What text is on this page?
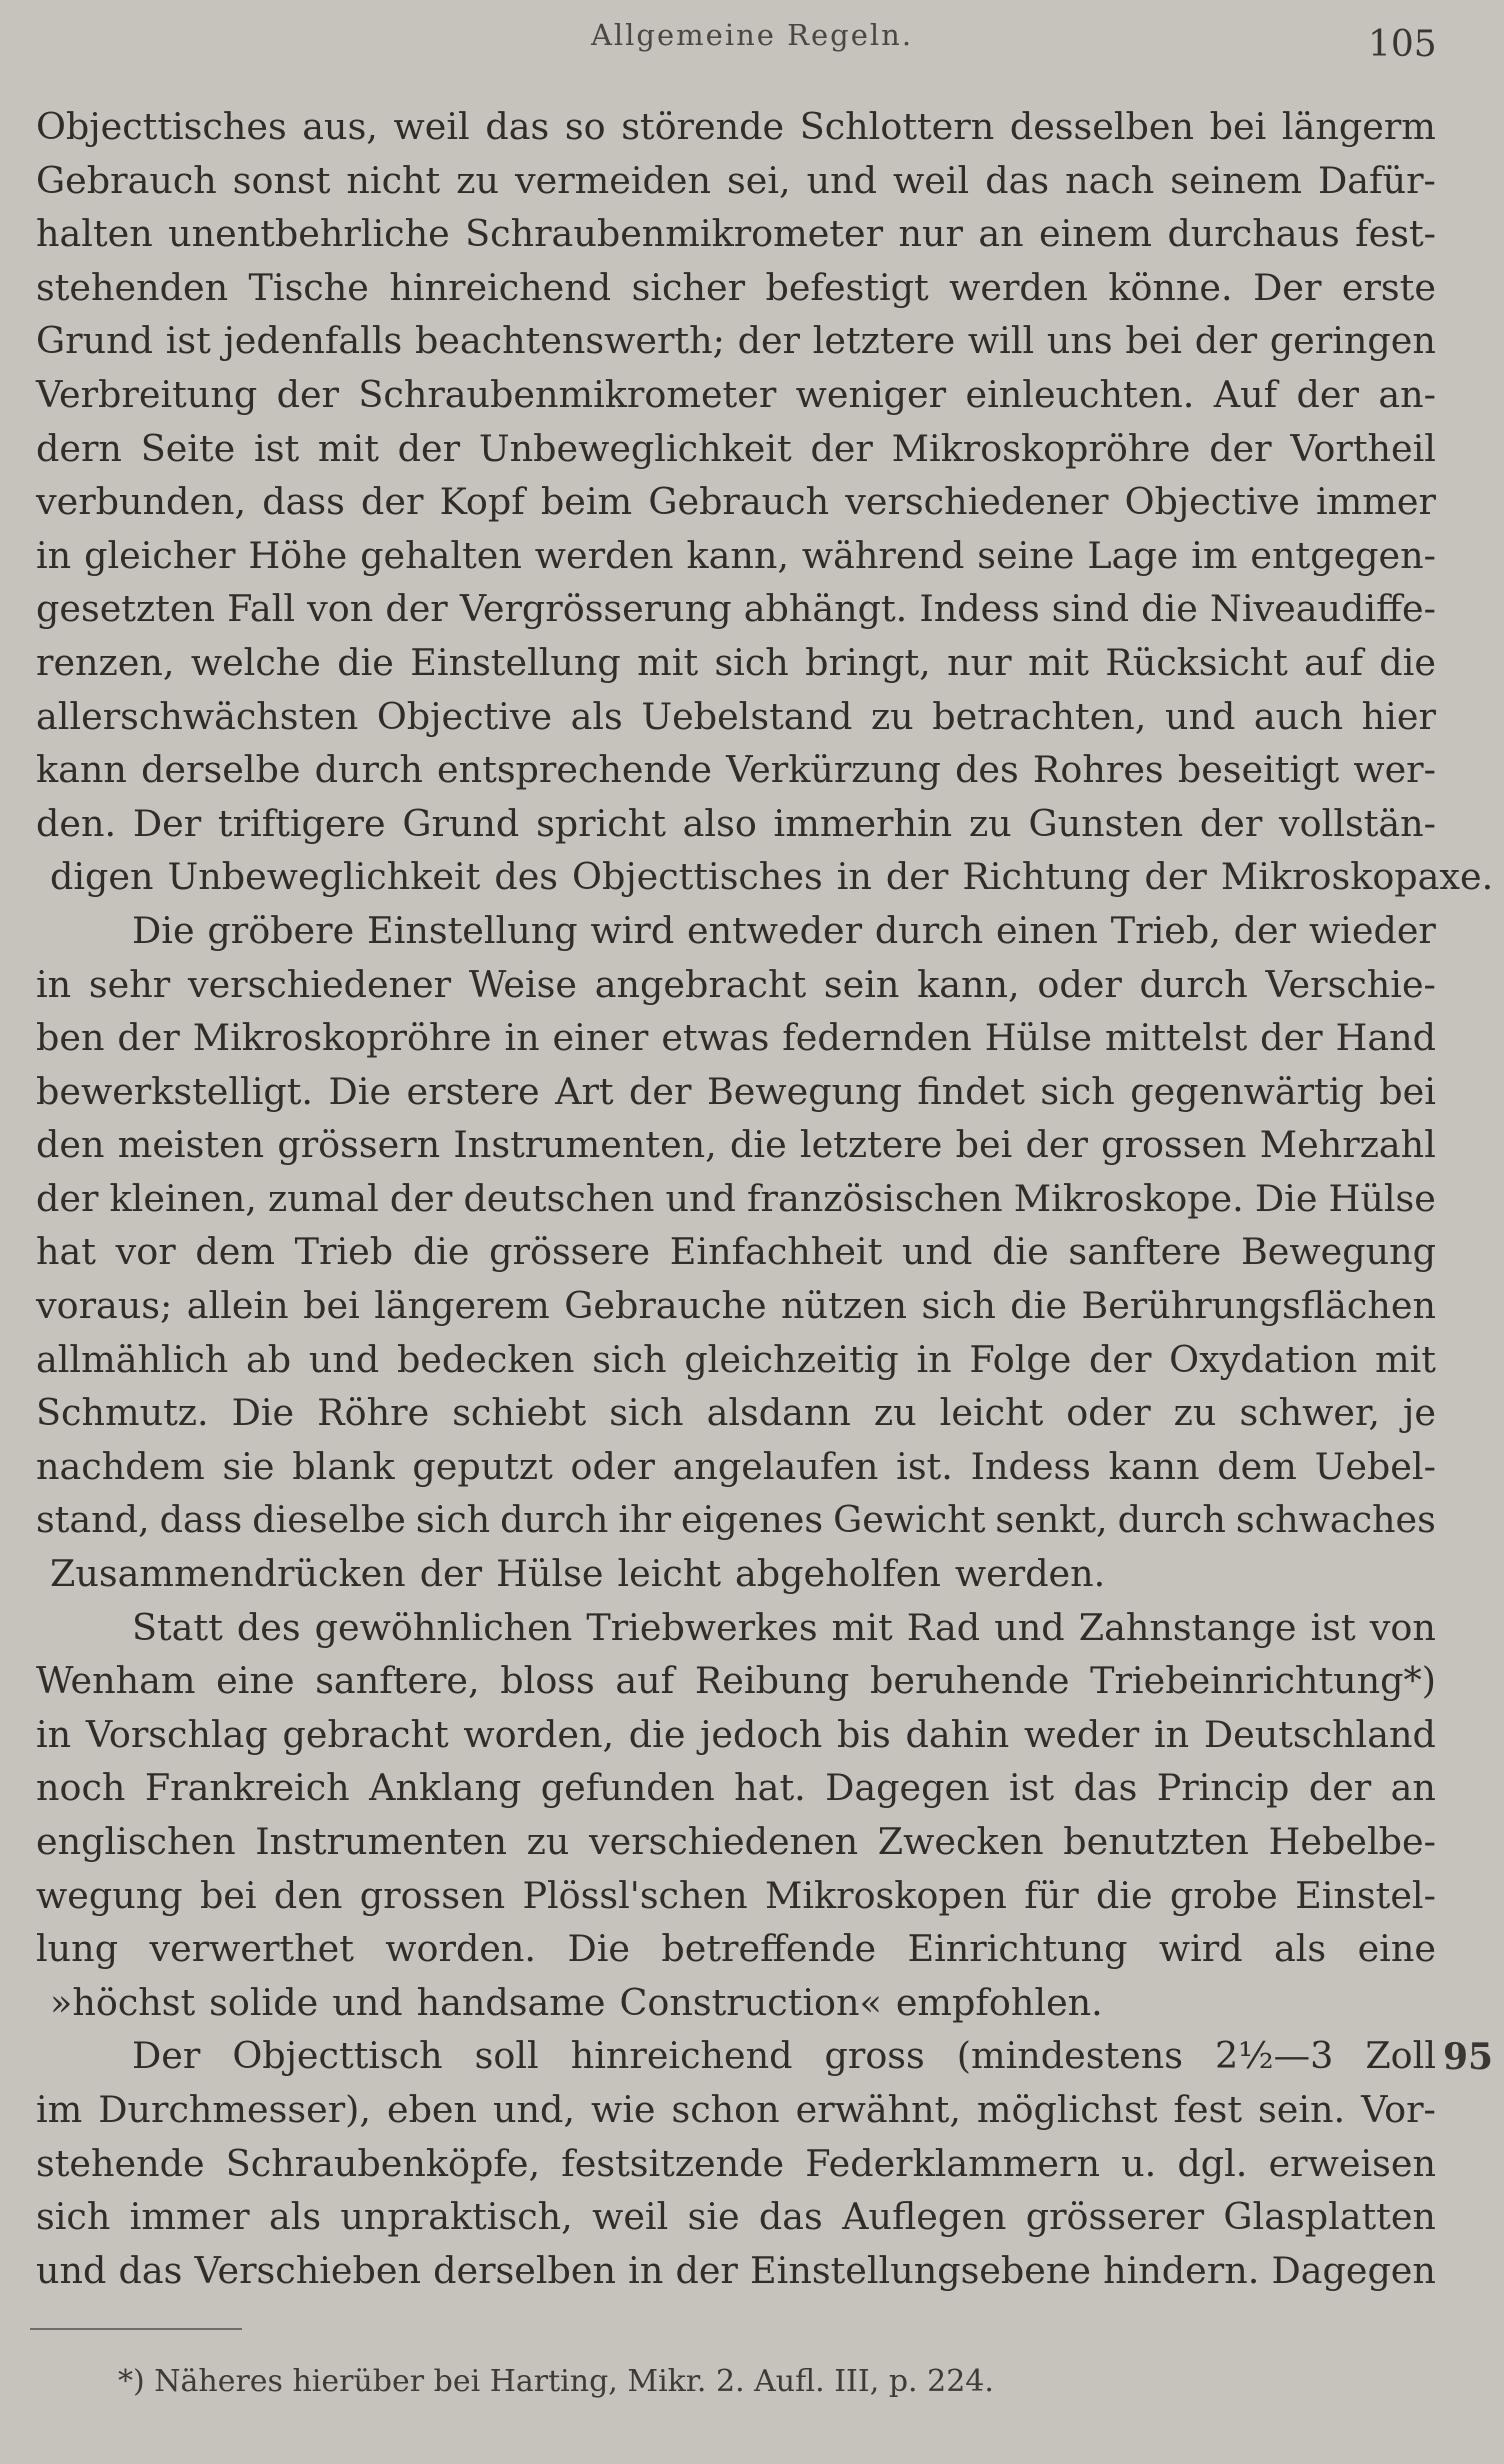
Allgemeine Regeln.	105
Objecttisches aus, weil das so störende Schlottern desselben bei längerm
Gebrauch sonst nicht zu vermeiden sei, und weil das nach seinem Dafür-
halten unentbehrliche Schraubenmikrometer nur an einem durchaus fest-
stehenden Tische hinreichend sicher befestigt werden könne. Der erste
Grund ist jedenfalls beachtenswerth; der letztere will uns bei der geringen
Verbreitung der Schraubenmikrometer weniger einleuchten. Auf der an-
dern Seite ist mit der Unbeweglichkeit der Mikroskopröhre der Vortheil
verbunden, dass der Kopf beim Gebrauch verschiedener Objective immer
in gleicher Höhe gehalten werden kann, während seine Lage im entgegen-
gesetzten Fall von der Vergrösserung abhängt. Indess sind die Niveaudiffe-
renzen, welche die Einstellung mit sich bringt, nur mit Rücksicht auf die
allerschwächsten Objective als Uebelstand zu betrachten, und auch hier
kann derselbe durch entsprechende Verkürzung des Rohres beseitigt wer-
den. Der triftigere Grund spricht also immerhin zu Gunsten der vollstän-
digen Unbeweglichkeit des Objecttisches in der Richtung der Mikroskopaxe.
Die gröbere Einstellung wird entweder durch einen Trieb, der wieder
in sehr verschiedener Weise angebracht sein kann, oder durch Verschie-
ben der Mikroskopröhre in einer etwas federnden Hülse mittelst der Hand
bewerkstelligt. Die erstere Art der Bewegung findet sich gegenwärtig bei
den meisten grössern Instrumenten, die letztere bei der grossen Mehrzahl
der kleinen, zumal der deutschen und französischen Mikroskope. Die Hülse
hat vor dem Trieb die grössere Einfachheit und die sanftere Bewegung
voraus; allein bei längerem Gebrauche nützen sich die Berührungsflächen
allmählich ab und bedecken sich gleichzeitig in Folge der Oxydation mit
Schmutz. Die Röhre schiebt sich alsdann zu leicht oder zu schwer, je
nachdem sie blank geputzt oder angelaufen ist. Indess kann dem Uebel-
stand, dass dieselbe sich durch ihr eigenes Gewicht senkt, durch schwaches
Zusammendrücken der Hülse leicht abgeholfen werden.
Statt des gewöhnlichen Triebwerkes mit Rad und Zahnstange ist von
Wenham eine sanftere, bloss auf Reibung beruhende Triebeinrichtung*)
in Vorschlag gebracht worden, die jedoch bis dahin weder in Deutschland
noch Frankreich Anklang gefunden hat. Dagegen ist das Princip der an
englischen Instrumenten zu verschiedenen Zwecken benutzten Hebelbe-
wegung bei den grossen Plössl'schen Mikroskopen für die grobe Einstel-
lung verwerthet worden. Die betreffende Einrichtung wird als eine
»höchst solide und handsame Construction« empfohlen.
Der Objecttisch soll hinreichend gross (mindestens 2½—3 Zoll
im Durchmesser), eben und, wie schon erwähnt, möglichst fest sein. Vor-
stehende Schraubenköpfe, festsitzende Federklammern u. dgl. erweisen
sich immer als unpraktisch, weil sie das Auflegen grösserer Glasplatten
und das Verschieben derselben in der Einstellungsebene hindern. Dagegen
95
*) Näheres hierüber bei Harting, Mikr. 2. Aufl. III, p. 224.
